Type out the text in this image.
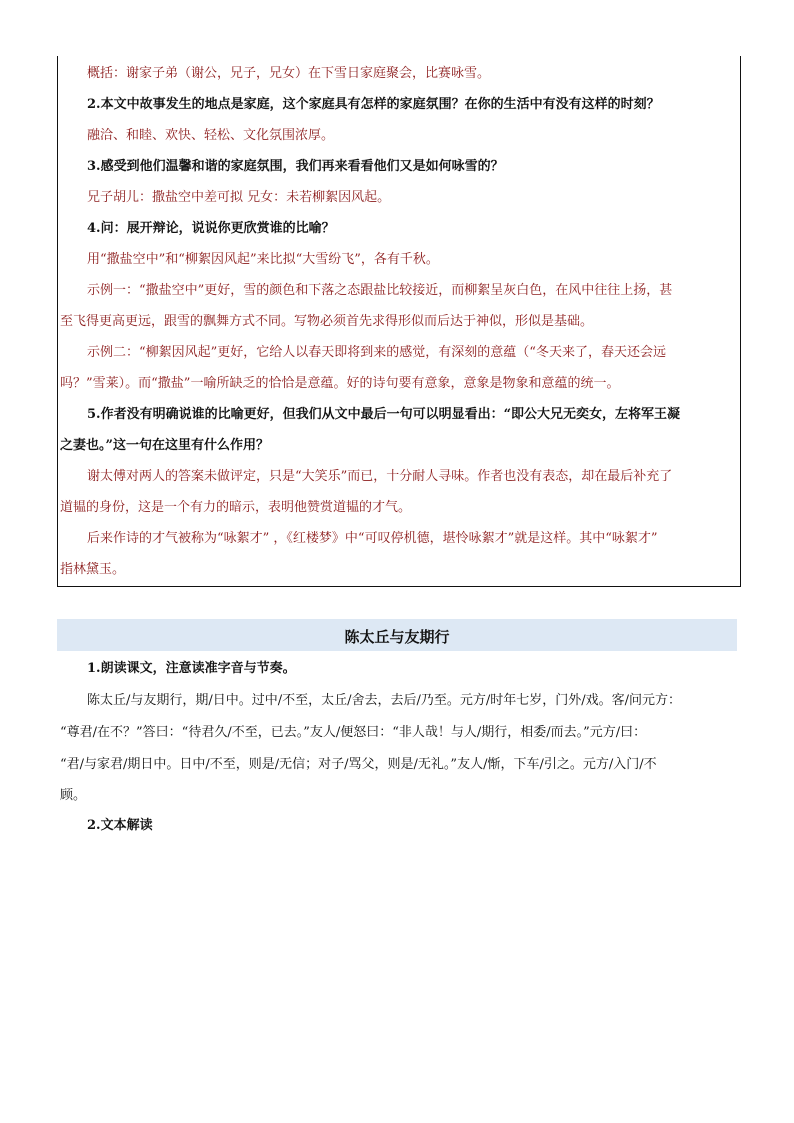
概括：谢家子弟（谢公，兄子，兄女）在下雪日家庭聚会，比赛咏雪。
2.本文中故事发生的地点是家庭，这个家庭具有怎样的家庭氛围？在你的生活中有没有这样的时刻？
融洽、和睦、欢快、轻松、文化氛围浓厚。
3.感受到他们温馨和谐的家庭氛围，我们再来看看他们又是如何咏雪的？
兄子胡儿：撒盐空中差可拟 兄女：未若柳絮因风起。
4.问：展开辩论，说说你更欣赏谁的比喻？
用“撒盐空中”和“柳絮因风起”来比拟“大雪纷飞”，各有千秋。
示例一：“撒盐空中”更好，雪的颜色和下落之态跟盐比较接近，而柳絮呈灰白色，在风中往往上扬，甚
至飞得更高更远，跟雪的飘舞方式不同。写物必须首先求得形似而后达于神似，形似是基础。
示例二：“柳絮因风起”更好，它给人以春天即将到来的感觉，有深刻的意蕴（“冬天来了，春天还会远
吗？”雪莱）。而“撒盐”一喻所缺乏的恰恰是意蕴。好的诗句要有意象，意象是物象和意蕴的统一。
5.作者没有明确说谁的比喻更好，但我们从文中最后一句可以明显看出：“即公大兄无奕女，左将军王凝
之妻也。”这一句在这里有什么作用？
谢太傅对两人的答案未做评定，只是“大笑乐”而已，十分耐人寻味。作者也没有表态，却在最后补充了
道韫的身份，这是一个有力的暗示，表明他赞赏道韫的才气。
后来作诗的才气被称为“咏絮才” ，《红楼梦》中“可叹停机德，堪怜咏絮才”就是这样。其中“咏絮才”
指林黛玉。
陈太丘与友期行
1.朗读课文，注意读准字音与节奏。
陈太丘/与友期行，期/日中。过中/不至，太丘/舍去，去后/乃至。元方/时年七岁，门外/戏。客/问元方：
“尊君/在不？”答曰：“待君久/不至，已去。”友人/便怒曰：“非人哉！与人/期行，相委/而去。”元方/曰：
“君/与家君/期日中。日中/不至，则是/无信；对子/骂父，则是/无礼。”友人/惭，下车/引之。元方/入门/不
顾。
2.文本解读
